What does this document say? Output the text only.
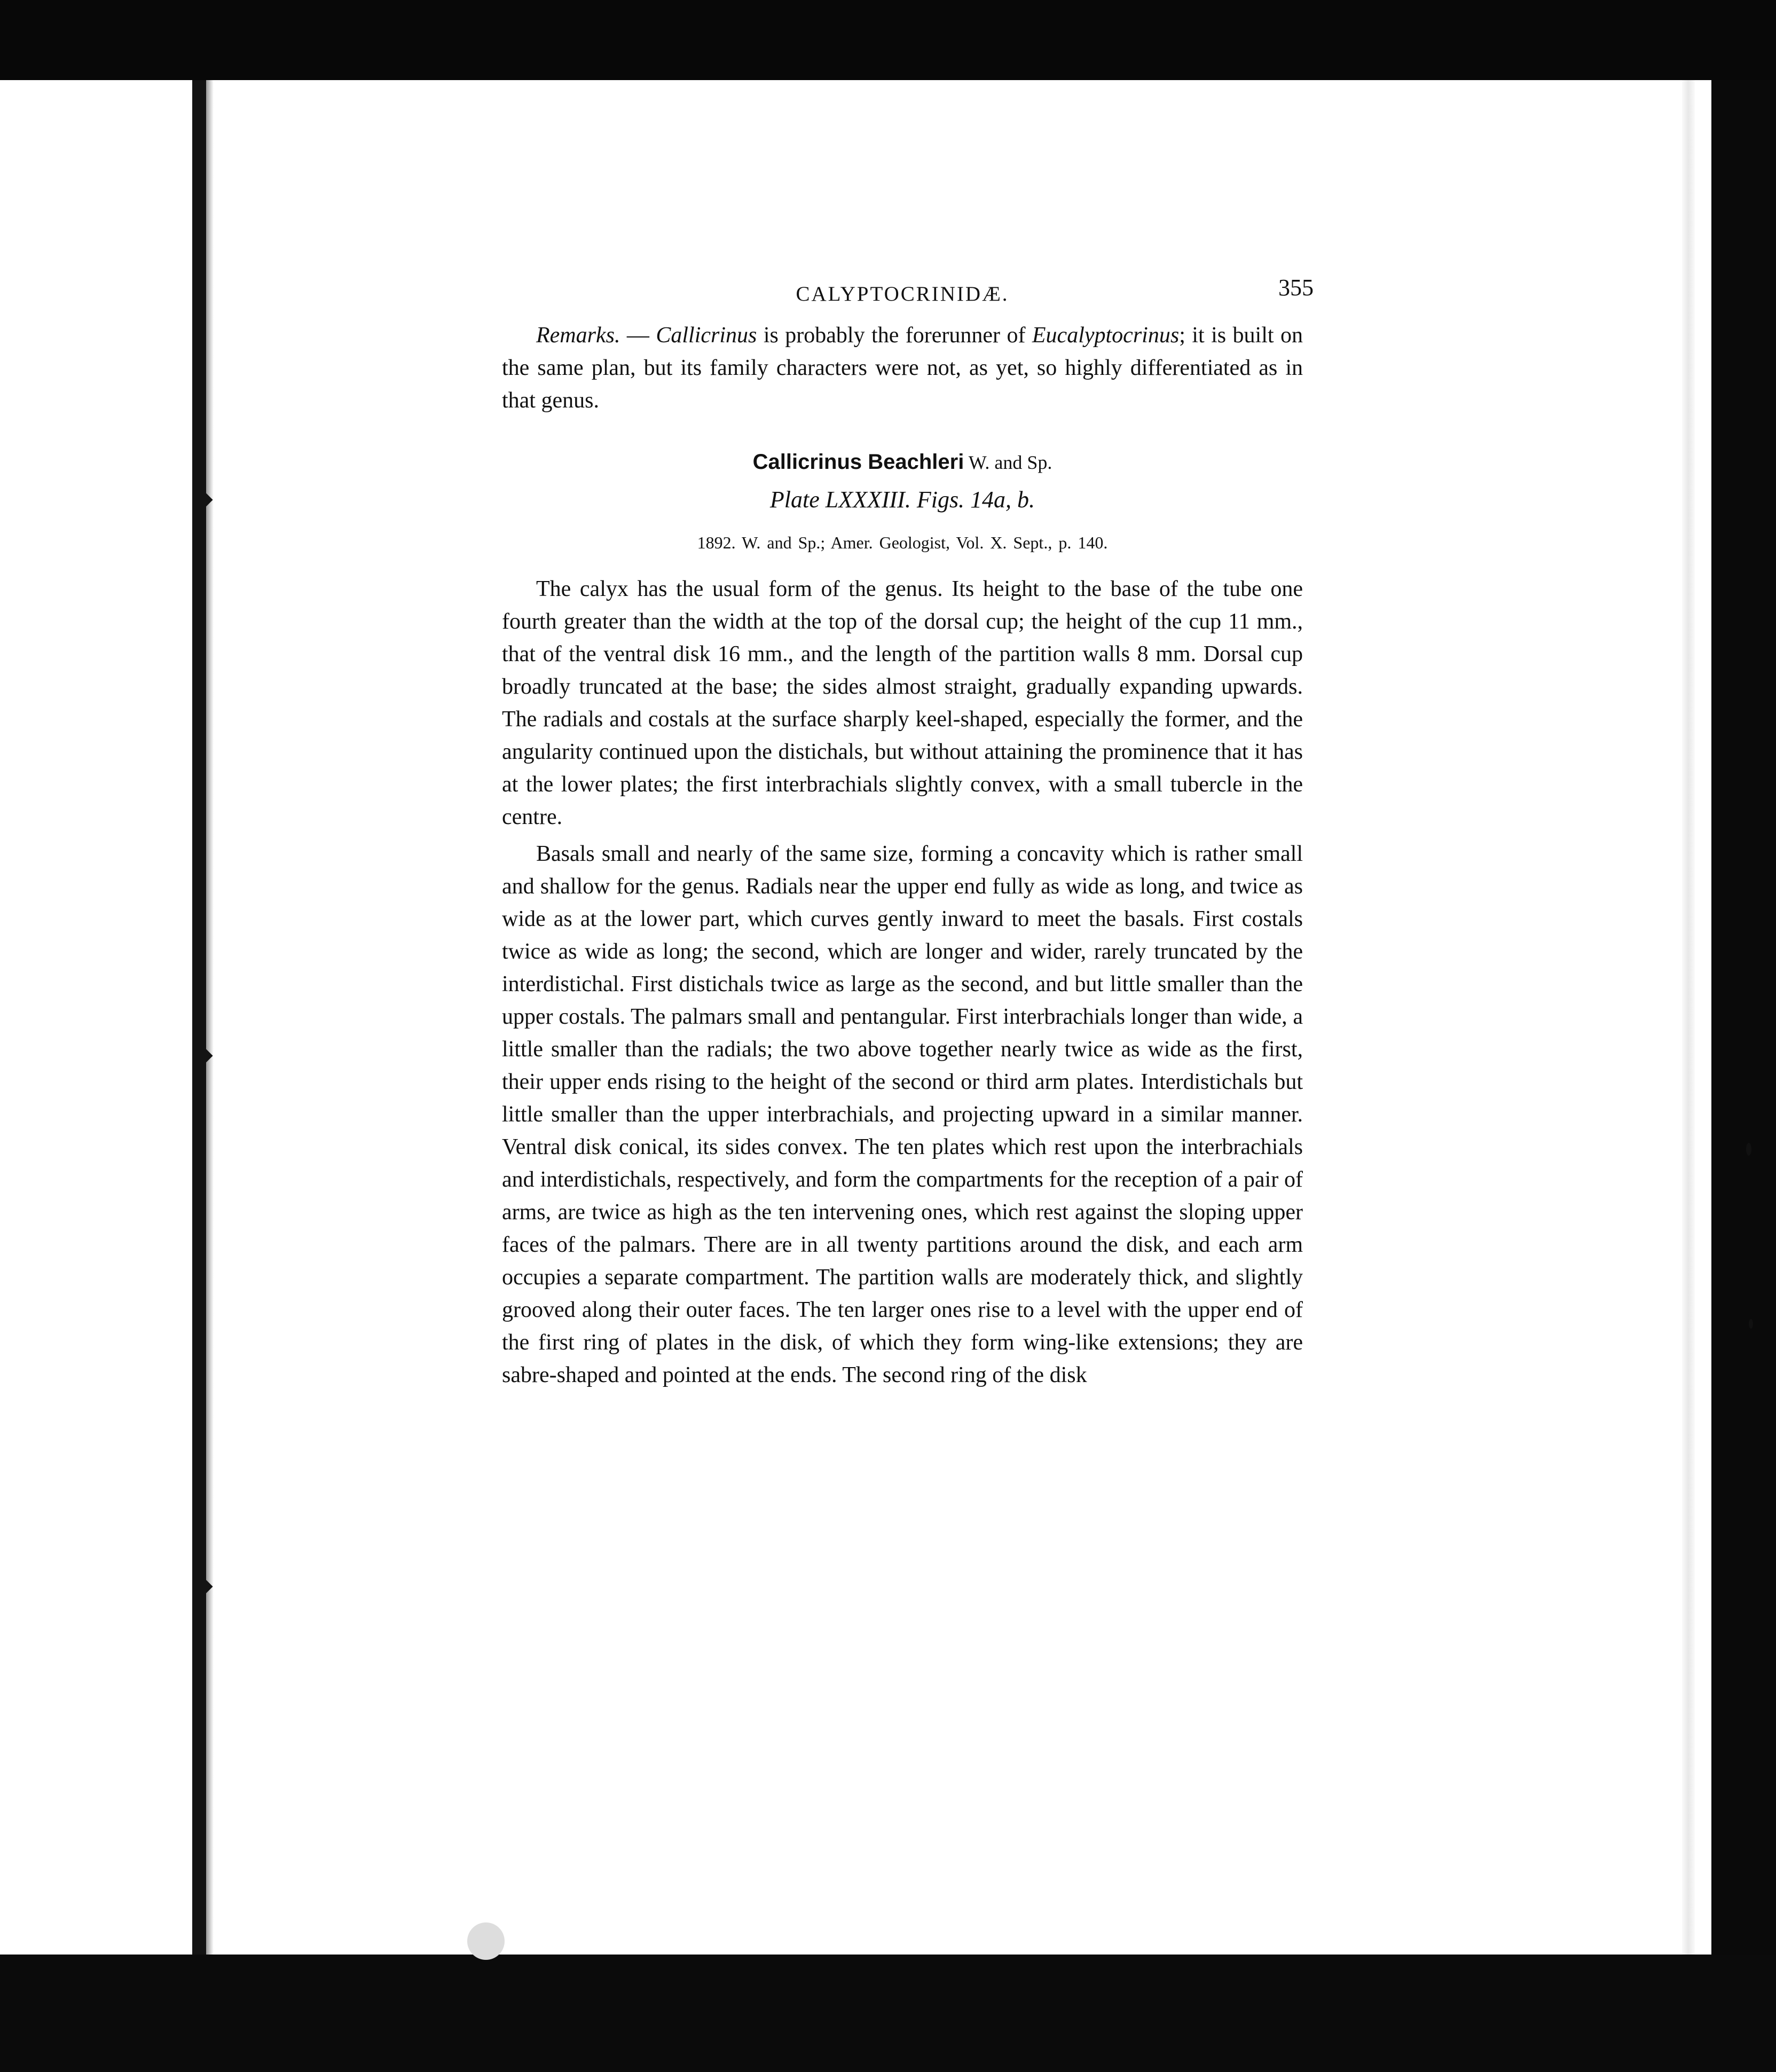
CALYPTOCRINIDÆ.	355

Remarks. — Callicrinus is probably the forerunner of Eucalyptocrinus; it is built on the same plan, but its family characters were not, as yet, so highly differentiated as in that genus.

Callicrinus Beachleri W. and Sp.
Plate LXXXIII. Figs. 14a, b.
1892. W. and Sp.; Amer. Geologist, Vol. X. Sept., p. 140.

The calyx has the usual form of the genus. Its height to the base of the tube one fourth greater than the width at the top of the dorsal cup; the height of the cup 11 mm., that of the ventral disk 16 mm., and the length of the partition walls 8 mm. Dorsal cup broadly truncated at the base; the sides almost straight, gradually expanding upwards. The radials and costals at the surface sharply keel-shaped, especially the former, and the angularity continued upon the distichals, but without attaining the prominence that it has at the lower plates; the first interbrachials slightly convex, with a small tubercle in the centre.

Basals small and nearly of the same size, forming a concavity which is rather small and shallow for the genus. Radials near the upper end fully as wide as long, and twice as wide as at the lower part, which curves gently inward to meet the basals. First costals twice as wide as long; the second, which are longer and wider, rarely truncated by the interdistichal. First distichals twice as large as the second, and but little smaller than the upper costals. The palmars small and pentangular. First interbrachials longer than wide, a little smaller than the radials; the two above together nearly twice as wide as the first, their upper ends rising to the height of the second or third arm plates. Interdistichals but little smaller than the upper interbrachials, and projecting upward in a similar manner. Ventral disk conical, its sides convex. The ten plates which rest upon the interbrachials and interdistichals, respectively, and form the compartments for the reception of a pair of arms, are twice as high as the ten intervening ones, which rest against the sloping upper faces of the palmars. There are in all twenty partitions around the disk, and each arm occupies a separate compartment. The partition walls are moderately thick, and slightly grooved along their outer faces. The ten larger ones rise to a level with the upper end of the first ring of plates in the disk, of which they form wing-like extensions; they are sabre-shaped and pointed at the ends. The second ring of the disk
